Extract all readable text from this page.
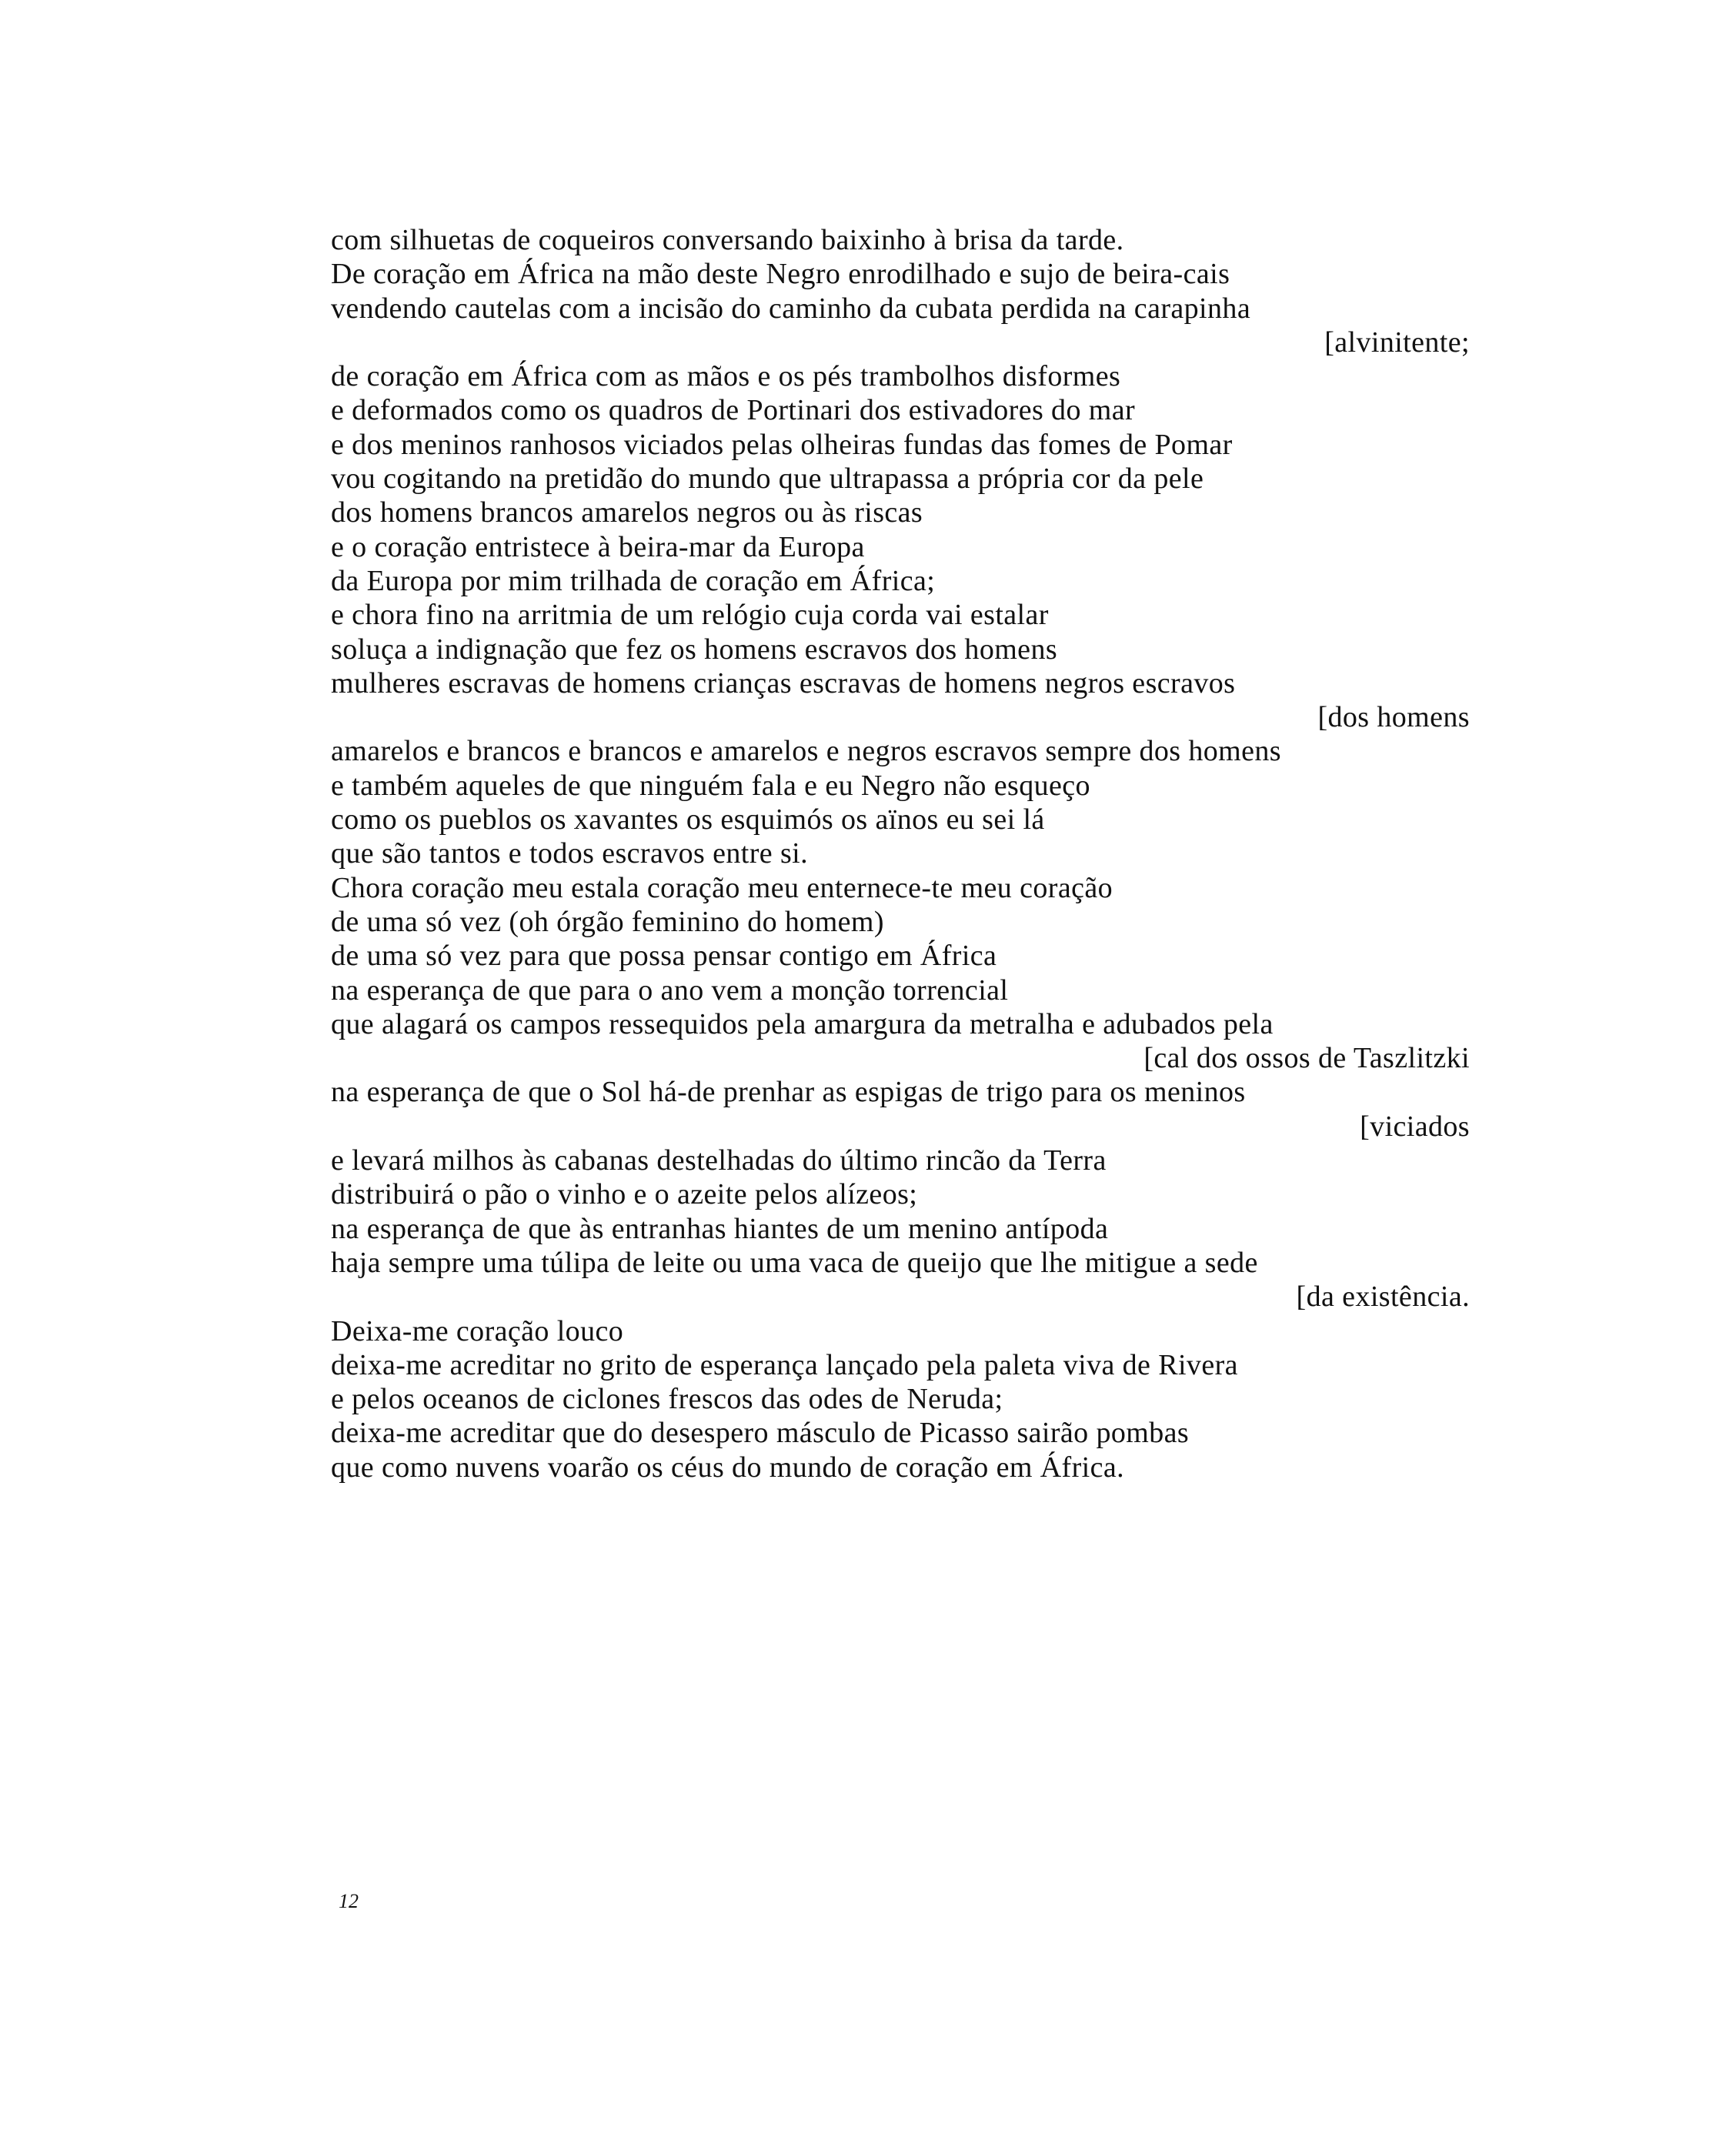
com silhuetas de coqueiros conversando baixinho à brisa da tarde.
De coração em África na mão deste Negro enrodilhado e sujo de beira-cais
vendendo cautelas com a incisão do caminho da cubata perdida na carapinha
[alvinitente;
de coração em África com as mãos e os pés trambolhos disformes
e deformados como os quadros de Portinari dos estivadores do mar
e dos meninos ranhosos viciados pelas olheiras fundas das fomes de Pomar
vou cogitando na pretidão do mundo que ultrapassa a própria cor da pele
dos homens brancos amarelos negros ou às riscas
e o coração entristece à beira-mar da Europa
da Europa por mim trilhada de coração em África;
e chora fino na arritmia de um relógio cuja corda vai estalar
soluça a indignação que fez os homens escravos dos homens
mulheres escravas de homens crianças escravas de homens negros escravos
[dos homens
amarelos e brancos e brancos e amarelos e negros escravos sempre dos homens
e também aqueles de que ninguém fala e eu Negro não esqueço
como os pueblos os xavantes os esquimós os aïnos eu sei lá
que são tantos e todos escravos entre si.
Chora coração meu estala coração meu enternece-te meu coração
de uma só vez (oh órgão feminino do homem)
de uma só vez para que possa pensar contigo em África
na esperança de que para o ano vem a monção torrencial
que alagará os campos ressequidos pela amargura da metralha e adubados pela
[cal dos ossos de Taszlitzki
na esperança de que o Sol há-de prenhar as espigas de trigo para os meninos
[viciados
e levará milhos às cabanas destelhadas do último rincão da Terra
distribuirá o pão o vinho e o azeite pelos alízeos;
na esperança de que às entranhas hiantes de um menino antípoda
haja sempre uma túlipa de leite ou uma vaca de queijo que lhe mitigue a sede
[da existência.
Deixa-me coração louco
deixa-me acreditar no grito de esperança lançado pela paleta viva de Rivera
e pelos oceanos de ciclones frescos das odes de Neruda;
deixa-me acreditar que do desespero másculo de Picasso sairão pombas
que como nuvens voarão os céus do mundo de coração em África.
12
